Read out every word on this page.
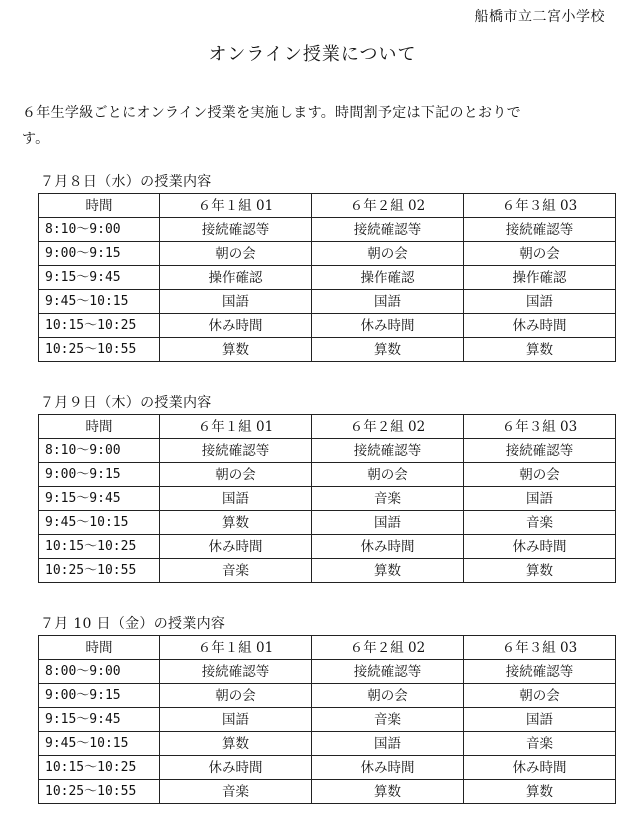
船橋市立二宮小学校
オンライン授業について
６年生学級ごとにオンライン授業を実施します。時間割予定は下記のとおりで
す。
７月８日（水）の授業内容
時間	６年１組 01	６年２組 02	６年３組 03
8:10〜9:00	接続確認等	接続確認等	接続確認等
9:00〜9:15	朝の会	朝の会	朝の会
9:15〜9:45	操作確認	操作確認	操作確認
9:45〜10:15	国語	国語	国語
10:15〜10:25	休み時間	休み時間	休み時間
10:25〜10:55	算数	算数	算数
７月９日（木）の授業内容
時間	６年１組 01	６年２組 02	６年３組 03
8:10〜9:00	接続確認等	接続確認等	接続確認等
9:00〜9:15	朝の会	朝の会	朝の会
9:15〜9:45	国語	音楽	国語
9:45〜10:15	算数	国語	音楽
10:15〜10:25	休み時間	休み時間	休み時間
10:25〜10:55	音楽	算数	算数
７月 10 日（金）の授業内容
時間	６年１組 01	６年２組 02	６年３組 03
8:00〜9:00	接続確認等	接続確認等	接続確認等
9:00〜9:15	朝の会	朝の会	朝の会
9:15〜9:45	国語	音楽	国語
9:45〜10:15	算数	国語	音楽
10:15〜10:25	休み時間	休み時間	休み時間
10:25〜10:55	音楽	算数	算数
